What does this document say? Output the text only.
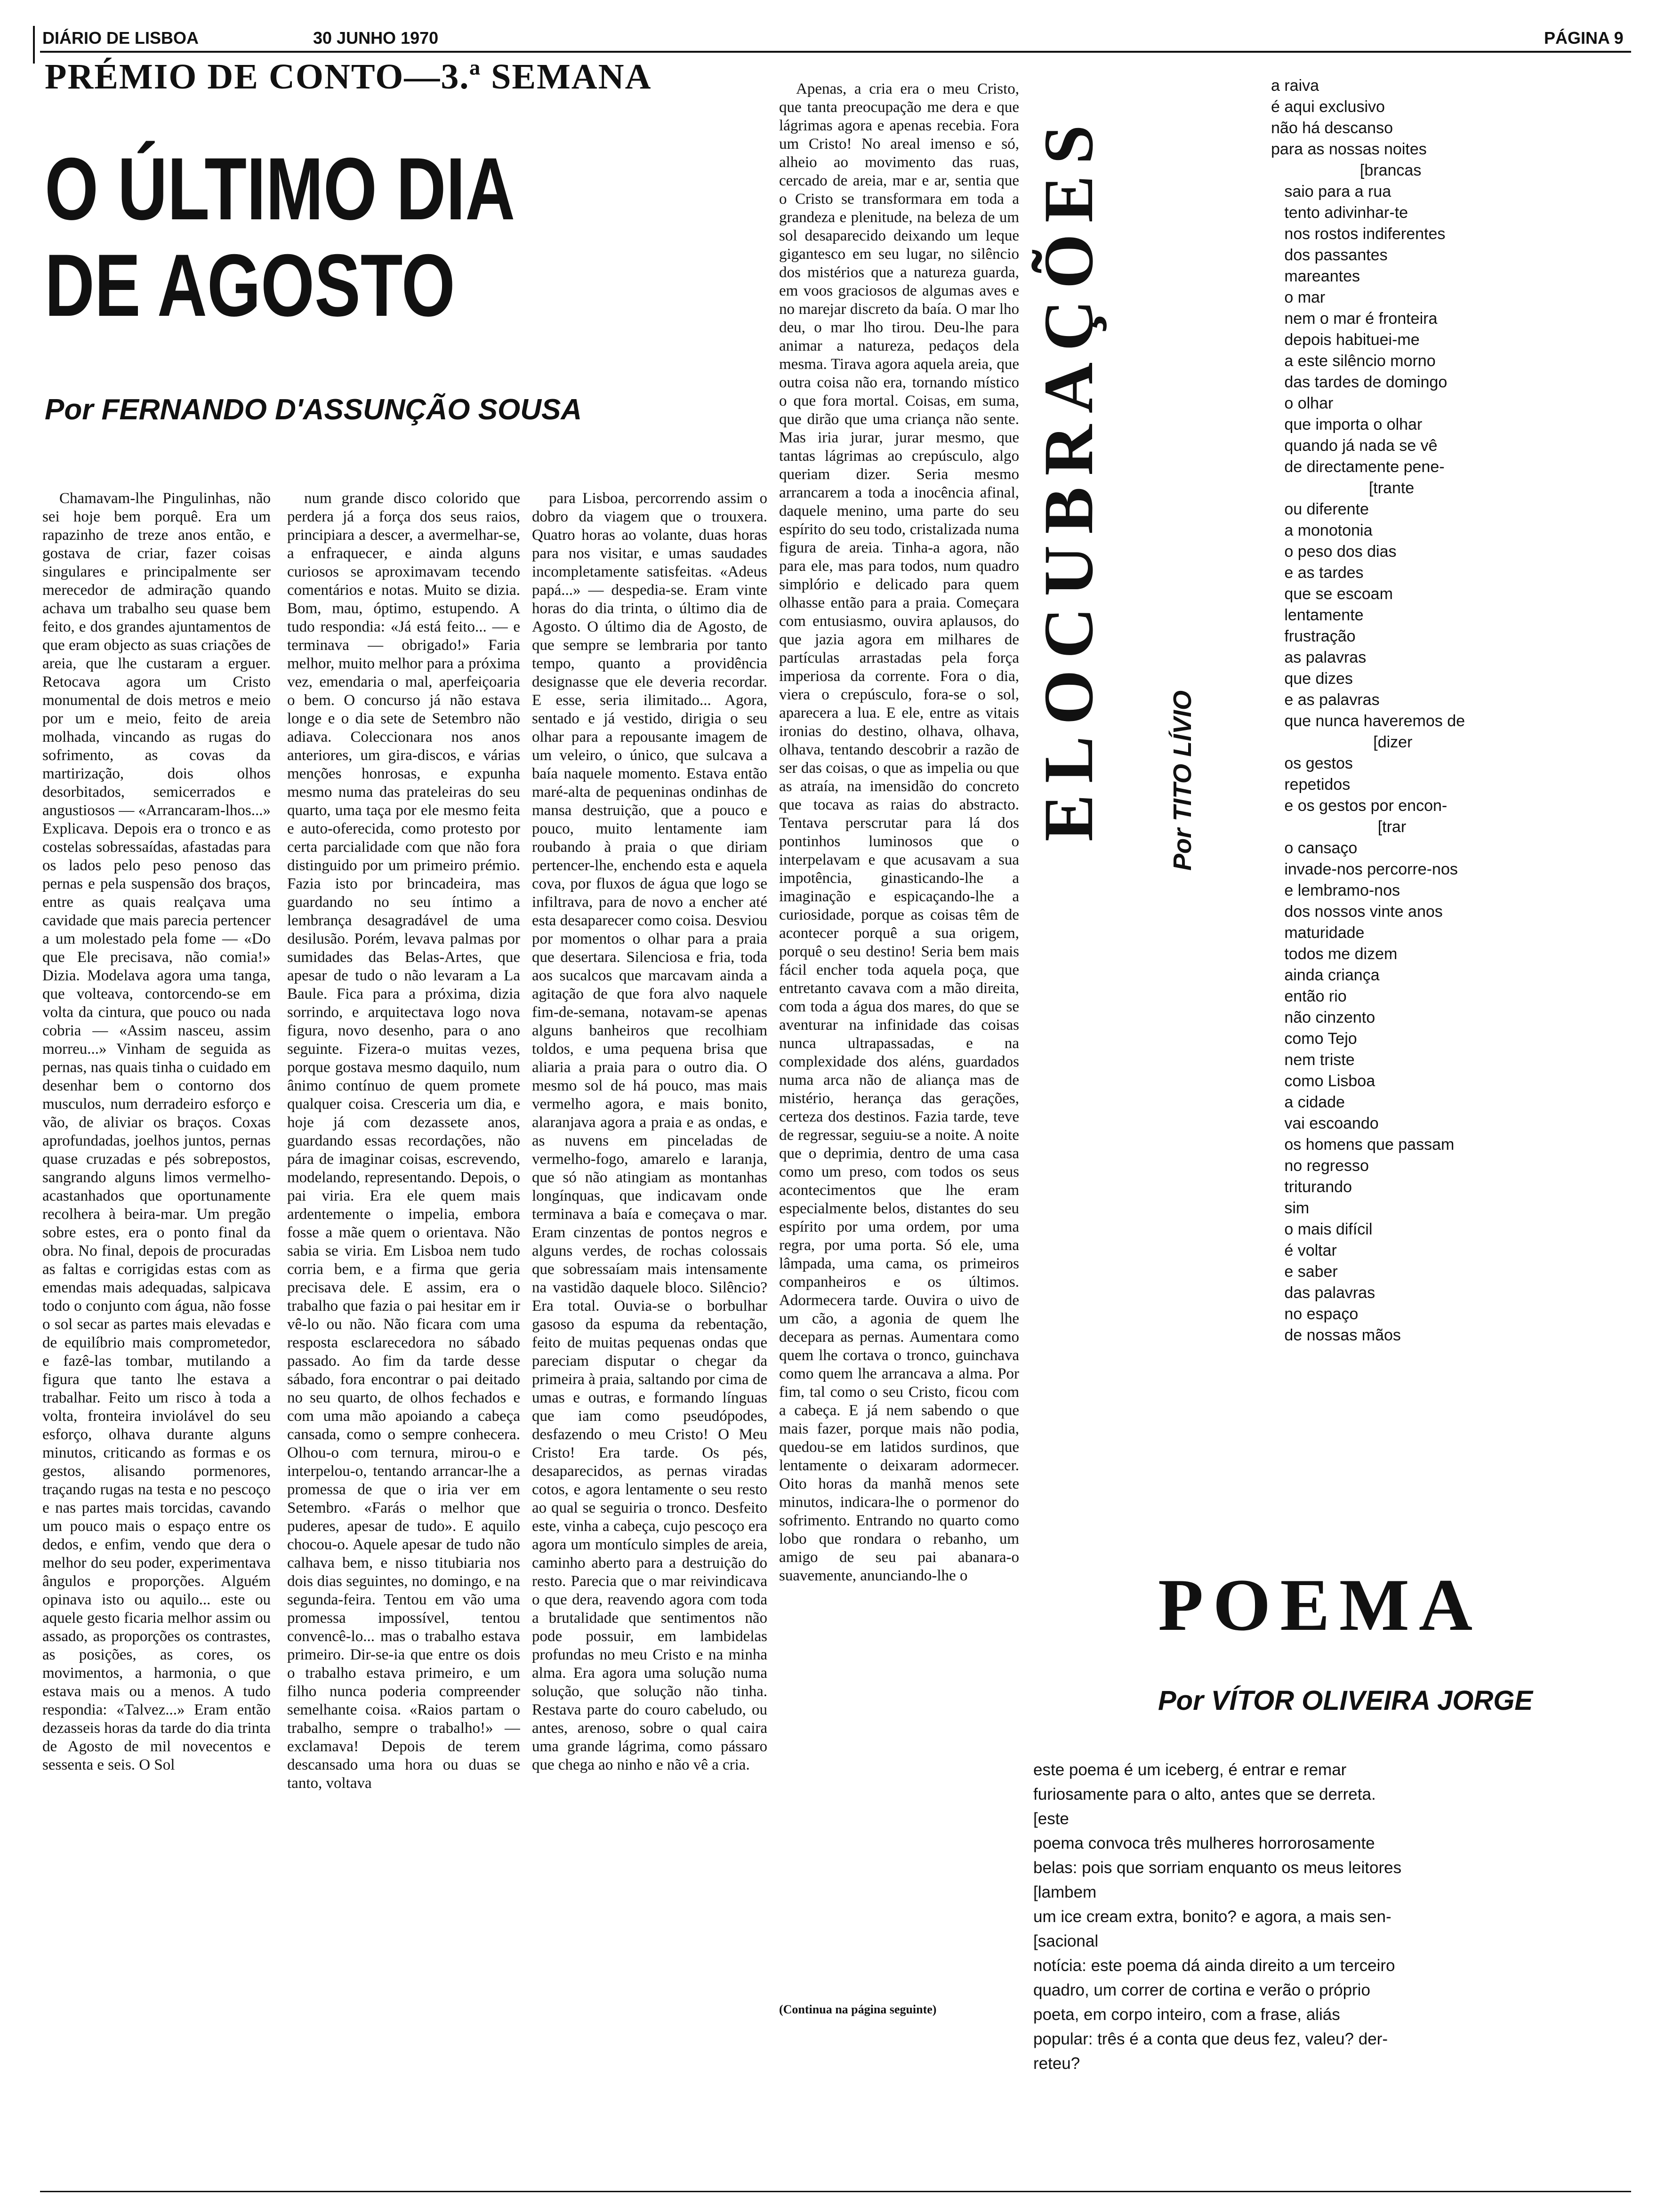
DIÁRIO DE LISBOA	30 JUNHO 1970	PÁGINA 9
PRÉMIO DE CONTO—3.ª SEMANA
O ÚLTIMO DIA
DE AGOSTO
Por FERNANDO D'ASSUNÇÃO SOUSA

Chamavam-lhe Pingulinhas, não sei hoje bem porquê. Era um rapazinho de treze anos então, e gostava de criar, fazer coisas singulares e principalmente ser merecedor de admiração quando achava um trabalho seu quase bem feito, e dos grandes ajuntamentos de que eram objecto as suas criações de areia, que lhe custaram a erguer. Retocava agora um Cristo monumental de dois metros e meio por um e meio, feito de areia molhada, vincando as rugas do sofrimento, as covas da martirização, dois olhos desorbitados, semicerrados e angustiosos — «Arrancaram-lhos...» Explicava. Depois era o tronco e as costelas sobressaídas, afastadas para os lados pelo peso penoso das pernas e pela suspensão dos braços, entre as quais realçava uma cavidade que mais parecia pertencer a um molestado pela fome — «Do que Ele precisava, não comia!» Dizia. Modelava agora uma tanga, que volteava, contorcendo-se em volta da cintura, que pouco ou nada cobria — «Assim nasceu, assim morreu...» Vinham de seguida as pernas, nas quais tinha o cuidado em desenhar bem o contorno dos musculos, num derradeiro esforço e vão, de aliviar os braços. Coxas aprofundadas, joelhos juntos, pernas quase cruzadas e pés sobrepostos, sangrando alguns limos vermelho-acastanhados que oportunamente recolhera à beira-mar. Um pregão sobre estes, era o ponto final da obra. No final, depois de procuradas as faltas e corrigidas estas com as emendas mais adequadas, salpicava todo o conjunto com água, não fosse o sol secar as partes mais elevadas e de equilíbrio mais comprometedor, e fazê-las tombar, mutilando a figura que tanto lhe estava a trabalhar. Feito um risco à toda a volta, fronteira inviolável do seu esforço, olhava durante alguns minutos, criticando as formas e os gestos, alisando pormenores, traçando rugas na testa e no pescoço e nas partes mais torcidas, cavando um pouco mais o espaço entre os dedos, e enfim, vendo que dera o melhor do seu poder, experimentava ângulos e proporções. Alguém opinava isto ou aquilo... este ou aquele gesto ficaria melhor assim ou assado, as proporções os contrastes, as posições, as cores, os movimentos, a harmonia, o que estava mais ou a menos. A tudo respondia: «Talvez...» Eram então dezasseis horas da tarde do dia trinta de Agosto de mil novecentos e sessenta e seis. O Sol

num grande disco colorido que perdera já a força dos seus raios, principiara a descer, a avermelhar-se, a enfraquecer, e ainda alguns curiosos se aproximavam tecendo comentários e notas. Muito se dizia. Bom, mau, óptimo, estupendo. A tudo respondia: «Já está feito... — e terminava — obrigado!» Faria melhor, muito melhor para a próxima vez, emendaria o mal, aperfeiçoaria o bem. O concurso já não estava longe e o dia sete de Setembro não adiava. Coleccionara nos anos anteriores, um gira-discos, e várias menções honrosas, e expunha mesmo numa das prateleiras do seu quarto, uma taça por ele mesmo feita e auto-oferecida, como protesto por certa parcialidade com que não fora distinguido por um primeiro prémio. Fazia isto por brincadeira, mas guardando no seu íntimo a lembrança desagradável de uma desilusão. Porém, levava palmas por sumidades das Belas-Artes, que apesar de tudo o não levaram a La Baule. Fica para a próxima, dizia sorrindo, e arquitectava logo nova figura, novo desenho, para o ano seguinte. Fizera-o muitas vezes, porque gostava mesmo daquilo, num ânimo contínuo de quem promete qualquer coisa. Cresceria um dia, e hoje já com dezassete anos, guardando essas recordações, não pára de imaginar coisas, escrevendo, modelando, representando. Depois, o pai viria. Era ele quem mais ardentemente o impelia, embora fosse a mãe quem o orientava. Não sabia se viria. Em Lisboa nem tudo corria bem, e a firma que geria precisava dele. E assim, era o trabalho que fazia o pai hesitar em ir vê-lo ou não. Não ficara com uma resposta esclarecedora no sábado passado. Ao fim da tarde desse sábado, fora encontrar o pai deitado no seu quarto, de olhos fechados e com uma mão apoiando a cabeça cansada, como o sempre conhecera. Olhou-o com ternura, mirou-o e interpelou-o, tentando arrancar-lhe a promessa de que o iria ver em Setembro. «Farás o melhor que puderes, apesar de tudo». E aquilo chocou-o. Aquele apesar de tudo não calhava bem, e nisso titubiaria nos dois dias seguintes, no domingo, e na segunda-feira. Tentou em vão uma promessa impossível, tentou convencê-lo... mas o trabalho estava primeiro. Dir-se-ia que entre os dois o trabalho estava primeiro, e um filho nunca poderia compreender semelhante coisa. «Raios partam o trabalho, sempre o trabalho!» — exclamava! Depois de terem descansado uma hora ou duas se tanto, voltava

para Lisboa, percorrendo assim o dobro da viagem que o trouxera. Quatro horas ao volante, duas horas para nos visitar, e umas saudades incompletamente satisfeitas. «Adeus papá...» — despedia-se. Eram vinte horas do dia trinta, o último dia de Agosto. O último dia de Agosto, de que sempre se lembraria por tanto tempo, quanto a providência designasse que ele deveria recordar. E esse, seria ilimitado... Agora, sentado e já vestido, dirigia o seu olhar para a repousante imagem de um veleiro, o único, que sulcava a baía naquele momento. Estava então maré-alta de pequeninas ondinhas de mansa destruição, que a pouco e pouco, muito lentamente iam roubando à praia o que diriam pertencer-lhe, enchendo esta e aquela cova, por fluxos de água que logo se infiltrava, para de novo a encher até esta desaparecer como coisa. Desviou por momentos o olhar para a praia que desertara. Silenciosa e fria, toda aos sucalcos que marcavam ainda a agitação de que fora alvo naquele fim-de-semana, notavam-se apenas alguns banheiros que recolhiam toldos, e uma pequena brisa que aliaria a praia para o outro dia. O mesmo sol de há pouco, mas mais vermelho agora, e mais bonito, alaranjava agora a praia e as ondas, e as nuvens em pinceladas de vermelho-fogo, amarelo e laranja, que só não atingiam as montanhas longínquas, que indicavam onde terminava a baía e começava o mar. Eram cinzentas de pontos negros e alguns verdes, de rochas colossais que sobressaíam mais intensamente na vastidão daquele bloco. Silêncio? Era total. Ouvia-se o borbulhar gasoso da espuma da rebentação, feito de muitas pequenas ondas que pareciam disputar o chegar da primeira à praia, saltando por cima de umas e outras, e formando línguas que iam como pseudópodes, desfazendo o meu Cristo! O Meu Cristo! Era tarde. Os pés, desaparecidos, as pernas viradas cotos, e agora lentamente o seu resto ao qual se seguiria o tronco. Desfeito este, vinha a cabeça, cujo pescoço era agora um montículo simples de areia, caminho aberto para a destruição do resto. Parecia que o mar reivindicava o que dera, reavendo agora com toda a brutalidade que sentimentos não pode possuir, em lambidelas profundas no meu Cristo e na minha alma. Era agora uma solução numa solução, que solução não tinha. Restava parte do couro cabeludo, ou antes, arenoso, sobre o qual caira uma grande lágrima, como pássaro que chega ao ninho e não vê a cria.

Apenas, a cria era o meu Cristo, que tanta preocupação me dera e que lágrimas agora e apenas recebia. Fora um Cristo! No areal imenso e só, alheio ao movimento das ruas, cercado de areia, mar e ar, sentia que o Cristo se transformara em toda a grandeza e plenitude, na beleza de um sol desaparecido deixando um leque gigantesco em seu lugar, no silêncio dos mistérios que a natureza guarda, em voos graciosos de algumas aves e no marejar discreto da baía. O mar lho deu, o mar lho tirou. Deu-lhe para animar a natureza, pedaços dela mesma. Tirava agora aquela areia, que outra coisa não era, tornando místico o que fora mortal. Coisas, em suma, que dirão que uma criança não sente. Mas iria jurar, jurar mesmo, que tantas lágrimas ao crepúsculo, algo queriam dizer. Seria mesmo arrancarem a toda a inocência afinal, daquele menino, uma parte do seu espírito do seu todo, cristalizada numa figura de areia. Tinha-a agora, não para ele, mas para todos, num quadro simplório e delicado para quem olhasse então para a praia. Começara com entusiasmo, ouvira aplausos, do que jazia agora em milhares de partículas arrastadas pela força imperiosa da corrente. Fora o dia, viera o crepúsculo, fora-se o sol, aparecera a lua. E ele, entre as vitais ironias do destino, olhava, olhava, olhava, tentando descobrir a razão de ser das coisas, o que as impelia ou que as atraía, na imensidão do concreto que tocava as raias do abstracto. Tentava perscrutar para lá dos pontinhos luminosos que o interpelavam e que acusavam a sua impotência, ginasticando-lhe a imaginação e espicaçando-lhe a curiosidade, porque as coisas têm de acontecer porquê a sua origem, porquê o seu destino! Seria bem mais fácil encher toda aquela poça, que entretanto cavava com a mão direita, com toda a água dos mares, do que se aventurar na infinidade das coisas nunca ultrapassadas, e na complexidade dos aléns, guardados numa arca não de aliança mas de mistério, herança das gerações, certeza dos destinos. Fazia tarde, teve de regressar, seguiu-se a noite. A noite que o deprimia, dentro de uma casa como um preso, com todos os seus acontecimentos que lhe eram especialmente belos, distantes do seu espírito por uma ordem, por uma regra, por uma porta. Só ele, uma lâmpada, uma cama, os primeiros companheiros e os últimos. Adormecera tarde. Ouvira o uivo de um cão, a agonia de quem lhe decepara as pernas. Aumentara como quem lhe cortava o tronco, guinchava como quem lhe arrancava a alma. Por fim, tal como o seu Cristo, ficou com a cabeça. E já nem sabendo o que mais fazer, porque mais não podia, quedou-se em latidos surdinos, que lentamente o deixaram adormecer. Oito horas da manhã menos sete minutos, indicara-lhe o pormenor do sofrimento. Entrando no quarto como lobo que rondara o rebanho, um amigo de seu pai abanara-o suavemente, anunciando-lhe o

(Continua na página seguinte)
ELOCUBRAÇÕES Por TITO LÍVIO
a raiva
é aqui exclusivo
não há descanso
para as nossas noites
[brancas
saio para a rua
tento adivinhar-te
nos rostos indiferentes
dos passantes
mareantes
o mar
nem o mar é fronteira
depois habituei-me
a este silêncio morno
das tardes de domingo
o olhar
que importa o olhar
quando já nada se vê
de directamente pene-
[trante
ou diferente
a monotonia
o peso dos dias
e as tardes
que se escoam
lentamente
frustração
as palavras
que dizes
e as palavras
que nunca haveremos de
[dizer
os gestos
repetidos
e os gestos por encon-
[trar
o cansaço
invade-nos percorre-nos
e lembramo-nos
dos nossos vinte anos
maturidade
todos me dizem
ainda criança
então rio
não cinzento
como Tejo
nem triste
como Lisboa
a cidade
vai escoando
os homens que passam
no regresso
triturando
sim
o mais difícil
é voltar
e saber
das palavras
no espaço
de nossas mãos
POEMA
Por VÍTOR OLIVEIRA JORGE
este poema é um iceberg, é entrar e remar
furiosamente para o alto, antes que se derreta.
[este
poema convoca três mulheres horrorosamente
belas: pois que sorriam enquanto os meus leitores
[lambem
um ice cream extra, bonito? e agora, a mais sen-
[sacional
notícia: este poema dá ainda direito a um terceiro
quadro, um correr de cortina e verão o próprio
poeta, em corpo inteiro, com a frase, aliás
popular: três é a conta que deus fez, valeu? der-
reteu?
